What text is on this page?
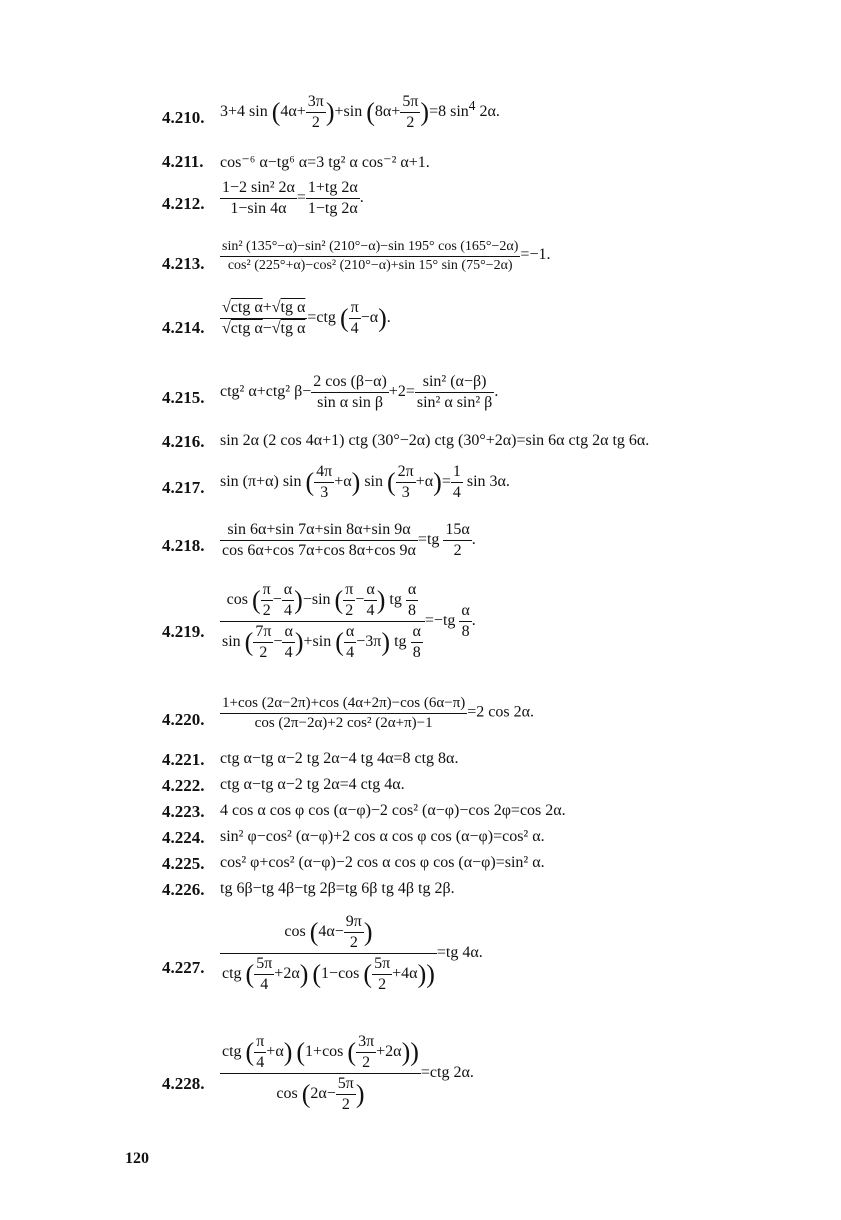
4.210. 3+4 $\sin (4\alpha+ \frac{3\pi}{2} )+\sin$ $(8\alpha+ \frac{5\pi}{2} )=8$ $\sin^4 2\alpha$.
4.211. cos⁻⁶ α−tg⁶ α=3 tg² α cos⁻² α+1.
4.212. $\frac{\text{1−2 sin² 2α}}{1-\sin 4\alpha} = \frac{1+tg 2\alpha}{1-tg 2\alpha}$ .
4.213. $\frac{\text{sin² (135°−α)−sin² (210°−α)−sin 195° cos (165°−2α)}}{\text{cos² (225°+α)−cos² (210°−α)+sin 15° sin (75°−2α)}} =-1$.
4.214. $\frac{\text{√ctg α+√tg α}}{\text{√ctg α−√tg α}} =ctg$ ( $\frac{\pi}{4} -\alpha$).
4.215. ctg² α+ctg² $\beta- \frac{2 \cos (\beta-\alpha)}{\text{sin α sin β}} +2= \frac{\text{sin² (α−β)}}{\text{sin² α sin² β}}$ .
4.216. sin 2α (2 cos 4α+1) ctg (30°−2α) ctg (30°+2α)=sin 6α ctg 2α tg 6α.
4.217. sin (π+α) sin ( $\frac{4\pi}{3} +\alpha$) sin ( $\frac{2\pi}{3} +\alpha)= \frac{1}{4}$ sin 3α.
4.218. $\frac{\sin 6\alpha+\sin 7\alpha+\sin 8\alpha+\sin 9\alpha}{\cos 6\alpha+\cos 7\alpha+\cos 8\alpha+\cos 9\alpha} =tg \frac{15\alpha}{2}$ .
4.219. $\frac{\cos ( \frac{\pi}{2} - \frac{\alpha}{4} )-\sin ( \frac{\pi}{2} - \frac{\alpha}{4} ) tg \frac{\alpha}{8}}{\sin ( \frac{7\pi}{2} - \frac{\alpha}{4} )+\sin ( \frac{\alpha}{4} -3\pi) tg \frac{\alpha}{8}} =-tg \frac{\alpha}{8}$ .
4.220. $\frac{1+\cos (2\alpha-2\pi)+\cos (4\alpha+2\pi)-\cos (6\alpha-\pi)}{\text{cos (2π−2α)+2 cos² (2α+π)−1}} =2$ cos 2α.
4.221. ctg α−tg α−2 tg 2α−4 tg 4α=8 ctg 8α.
4.222. ctg α−tg α−2 tg 2α=4 ctg 4α.
4.223. 4 cos α cos φ cos (α−φ)−2 cos² (α−φ)−cos 2φ=cos 2α.
4.224. sin² φ−cos² (α−φ)+2 cos α cos φ cos (α−φ)=cos² α.
4.225. cos² φ+cos² (α−φ)−2 cos α cos φ cos (α−φ)=sin² α.
4.226. tg 6β−tg 4β−tg 2β=tg 6β tg 4β tg 2β.
4.227. $\frac{\cos (4\alpha- \frac{9\pi}{2} )}{ctg ( \frac{5\pi}{4} +2\alpha) (1-\cos ( \frac{5\pi}{2} +4\alpha))} =tg$ 4α.
4.228. $\frac{ctg ( \frac{\pi}{4} +\alpha) (1+\cos ( \frac{3\pi}{2} +2\alpha))}{\cos (2\alpha- \frac{5\pi}{2} )} =ctg$ 2α.
120
